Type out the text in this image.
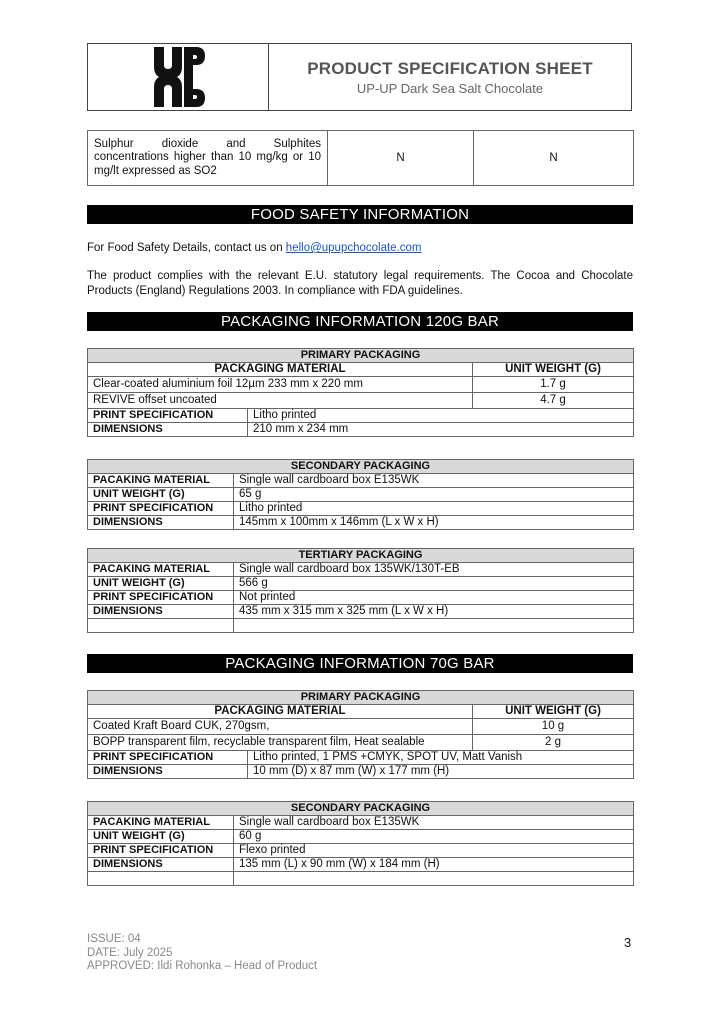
PRODUCT SPECIFICATION SHEET
UP-UP Dark Sea Salt Chocolate
Sulphur dioxide and Sulphites concentrations higher than 10 mg/kg or 10 mg/lt expressed as SO2	N	N
FOOD SAFETY INFORMATION
For Food Safety Details, contact us on hello@upupchocolate.com
The product complies with the relevant E.U. statutory legal requirements. The Cocoa and Chocolate Products (England) Regulations 2003. In compliance with FDA guidelines.
PACKAGING INFORMATION 120G BAR
PRIMARY PACKAGING		
PACKAGING MATERIAL		UNIT WEIGHT (G)
Clear-coated aluminium foil 12µm 233 mm x 220 mm		1.7 g
REVIVE offset uncoated		4.7 g
PRINT SPECIFICATION	Litho printed	
DIMENSIONS	210 mm x 234 mm	
SECONDARY PACKAGING	
PACAKING MATERIAL	Single wall cardboard box E135WK
UNIT WEIGHT (G)	65 g
PRINT SPECIFICATION	Litho printed
DIMENSIONS	145mm x 100mm x 146mm (L x W x H)
TERTIARY PACKAGING	
PACAKING MATERIAL	Single wall cardboard box 135WK/130T-EB
UNIT WEIGHT (G)	566 g
PRINT SPECIFICATION	Not printed
DIMENSIONS	435 mm x 315 mm x 325 mm (L x W x H)

PACKAGING INFORMATION 70G BAR
PRIMARY PACKAGING		
PACKAGING MATERIAL		UNIT WEIGHT (G)
Coated Kraft Board CUK, 270gsm,		10 g
BOPP transparent film, recyclable transparent film, Heat sealable		2 g
PRINT SPECIFICATION	Litho printed, 1 PMS +CMYK, SPOT UV, Matt Vanish	
DIMENSIONS	10 mm (D) x 87 mm (W) x 177 mm (H)	
SECONDARY PACKAGING	
PACAKING MATERIAL	Single wall cardboard box E135WK
UNIT WEIGHT (G)	60 g
PRINT SPECIFICATION	Flexo printed
DIMENSIONS	135 mm (L) x 90 mm (W) x 184 mm (H)

ISSUE: 04
DATE: July 2025
APPROVED: Ildi Rohonka – Head of Product
3
